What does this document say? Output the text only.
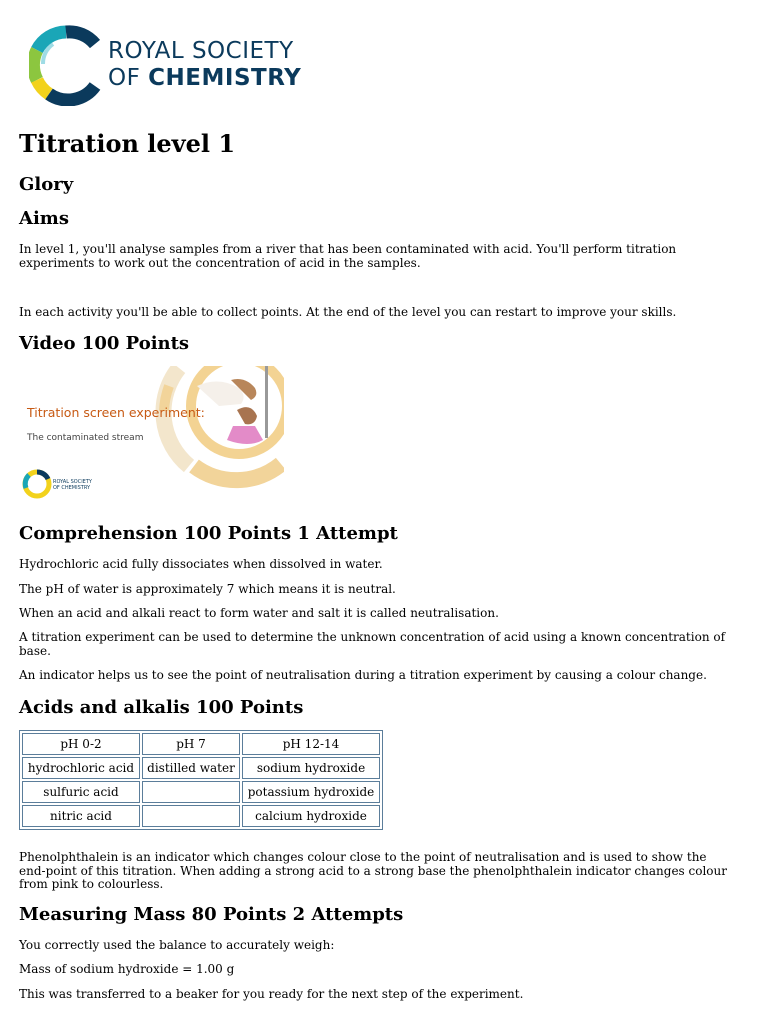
ROYAL SOCIETY
OF CHEMISTRY
Titration level 1
Glory
Aims

In level 1, you'll analyse samples from a river that has been contaminated with acid. You'll perform titration experiments to work out the concentration of acid in the samples.

In each activity you'll be able to collect points. At the end of the level you can restart to improve your skills.

Video 100 Points
Titration screen experiment:
The contaminated stream
ROYAL SOCIETY
OF CHEMISTRY
Comprehension 100 Points 1 Attempt

Hydrochloric acid fully dissociates when dissolved in water.

The pH of water is approximately 7 which means it is neutral.

When an acid and alkali react to form water and salt it is called neutralisation.

A titration experiment can be used to determine the unknown concentration of acid using a known concentration of base.

An indicator helps us to see the point of neutralisation during a titration experiment by causing a colour change.

Acids and alkalis 100 Points
pH 0-2	pH 7	pH 12-14
hydrochloric acid	distilled water	sodium hydroxide
sulfuric acid		potassium hydroxide
nitric acid		calcium hydroxide

Phenolphthalein is an indicator which changes colour close to the point of neutralisation and is used to show the end-point of this titration. When adding a strong acid to a strong base the phenolphthalein indicator changes colour from pink to colourless.

Measuring Mass 80 Points 2 Attempts

You correctly used the balance to accurately weigh:

Mass of sodium hydroxide = 1.00 g

This was transferred to a beaker for you ready for the next step of the experiment.
